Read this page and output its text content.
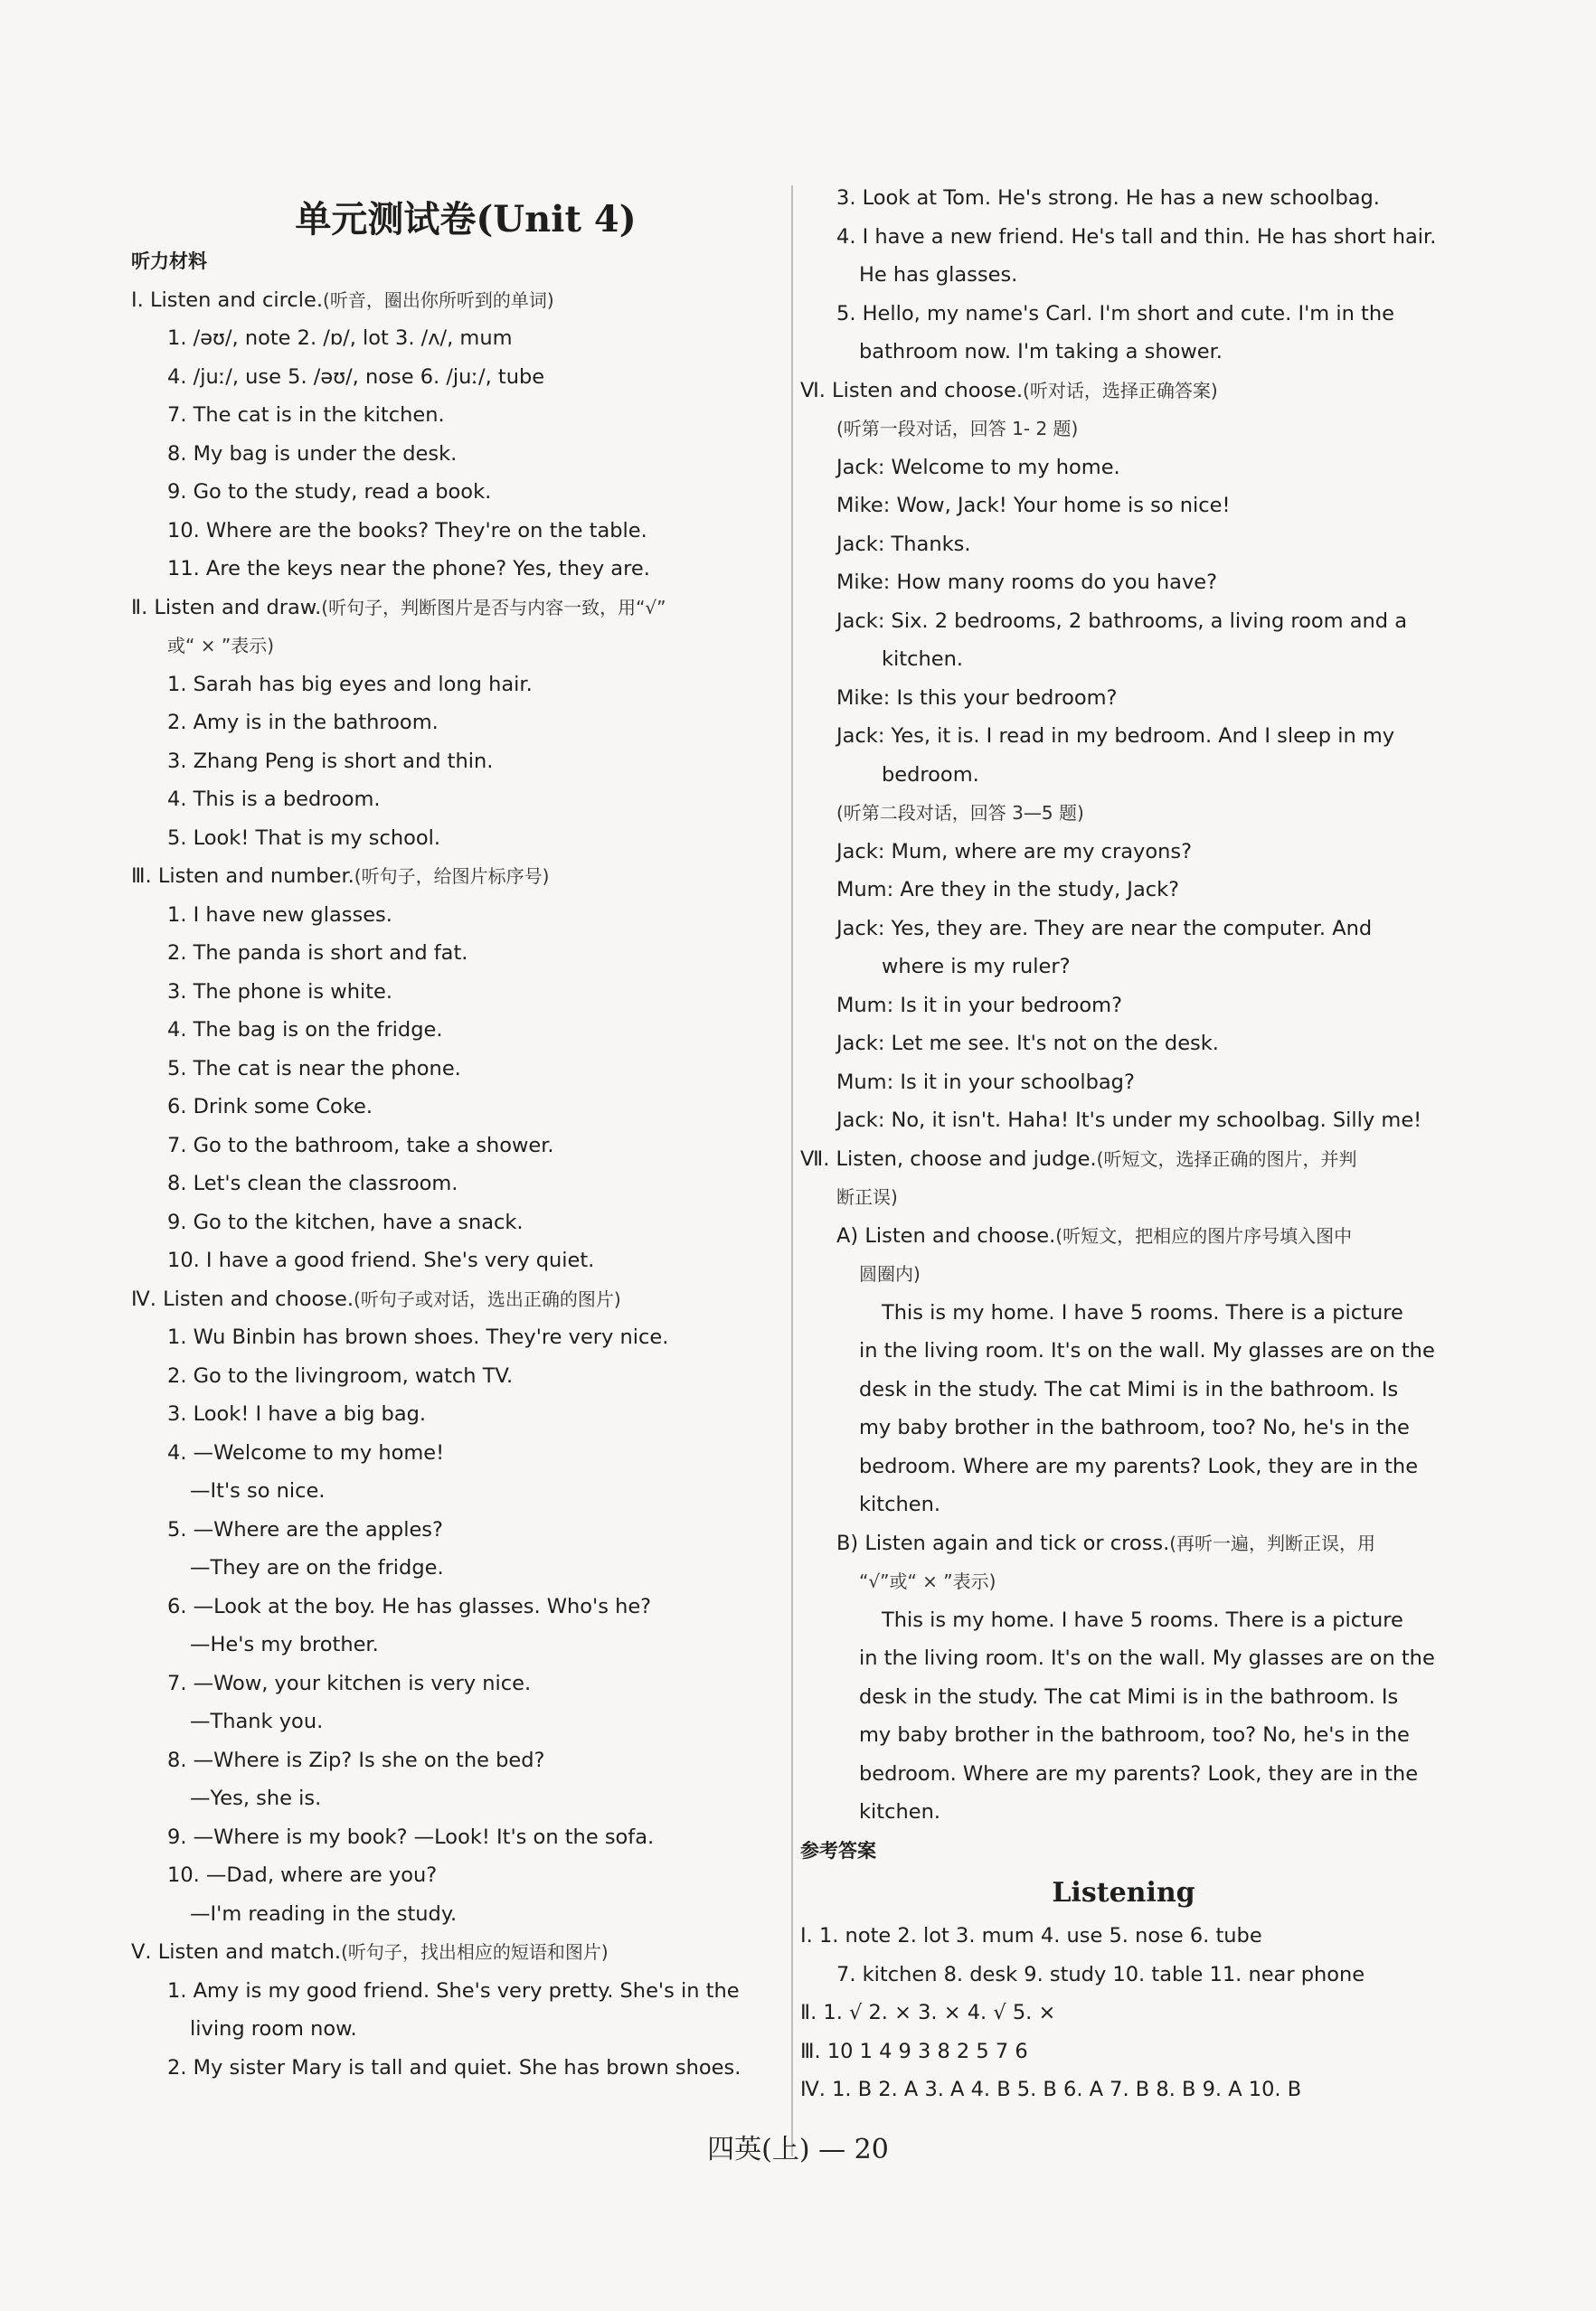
单元测试卷(Unit 4)
听力材料
Ⅰ. Listen and circle.(听音，圈出你所听到的单词)
1. /əʊ/, note 2. /ɒ/, lot 3. /ʌ/, mum
4. /juː/, use 5. /əʊ/, nose 6. /juː/, tube
7. The cat is in the kitchen.
8. My bag is under the desk.
9. Go to the study, read a book.
10. Where are the books? They're on the table.
11. Are the keys near the phone? Yes, they are.
Ⅱ. Listen and draw.(听句子，判断图片是否与内容一致，用“√”
或“ × ”表示)
1. Sarah has big eyes and long hair.
2. Amy is in the bathroom.
3. Zhang Peng is short and thin.
4. This is a bedroom.
5. Look! That is my school.
Ⅲ. Listen and number.(听句子，给图片标序号)
1. I have new glasses.
2. The panda is short and fat.
3. The phone is white.
4. The bag is on the fridge.
5. The cat is near the phone.
6. Drink some Coke.
7. Go to the bathroom, take a shower.
8. Let's clean the classroom.
9. Go to the kitchen, have a snack.
10. I have a good friend. She's very quiet.
Ⅳ. Listen and choose.(听句子或对话，选出正确的图片)
1. Wu Binbin has brown shoes. They're very nice.
2. Go to the livingroom, watch TV.
3. Look! I have a big bag.
4. —Welcome to my home!
—It's so nice.
5. —Where are the apples?
—They are on the fridge.
6. —Look at the boy. He has glasses. Who's he?
—He's my brother.
7. —Wow, your kitchen is very nice.
—Thank you.
8. —Where is Zip? Is she on the bed?
—Yes, she is.
9. —Where is my book? —Look! It's on the sofa.
10. —Dad, where are you?
—I'm reading in the study.
Ⅴ. Listen and match.(听句子，找出相应的短语和图片)
1. Amy is my good friend. She's very pretty. She's in the
living room now.
2. My sister Mary is tall and quiet. She has brown shoes.
3. Look at Tom. He's strong. He has a new schoolbag.
4. I have a new friend. He's tall and thin. He has short hair.
He has glasses.
5. Hello, my name's Carl. I'm short and cute. I'm in the
bathroom now. I'm taking a shower.
Ⅵ. Listen and choose.(听对话，选择正确答案)
(听第一段对话，回答 1- 2 题)
Jack: Welcome to my home.
Mike: Wow, Jack! Your home is so nice!
Jack: Thanks.
Mike: How many rooms do you have?
Jack: Six. 2 bedrooms, 2 bathrooms, a living room and a
kitchen.
Mike: Is this your bedroom?
Jack: Yes, it is. I read in my bedroom. And I sleep in my
bedroom.
(听第二段对话，回答 3—5 题)
Jack: Mum, where are my crayons?
Mum: Are they in the study, Jack?
Jack: Yes, they are. They are near the computer. And
where is my ruler?
Mum: Is it in your bedroom?
Jack: Let me see. It's not on the desk.
Mum: Is it in your schoolbag?
Jack: No, it isn't. Haha! It's under my schoolbag. Silly me!
Ⅶ. Listen, choose and judge.(听短文，选择正确的图片，并判
断正误)
A) Listen and choose.(听短文，把相应的图片序号填入图中
圆圈内)
This is my home. I have 5 rooms. There is a picture
in the living room. It's on the wall. My glasses are on the
desk in the study. The cat Mimi is in the bathroom. Is
my baby brother in the bathroom, too? No, he's in the
bedroom. Where are my parents? Look, they are in the
kitchen.
B) Listen again and tick or cross.(再听一遍，判断正误，用
“√”或“ × ”表示)
This is my home. I have 5 rooms. There is a picture
in the living room. It's on the wall. My glasses are on the
desk in the study. The cat Mimi is in the bathroom. Is
my baby brother in the bathroom, too? No, he's in the
bedroom. Where are my parents? Look, they are in the
kitchen.
参考答案
Listening
Ⅰ. 1. note 2. lot 3. mum 4. use 5. nose 6. tube
7. kitchen 8. desk 9. study 10. table 11. near phone
Ⅱ. 1. √ 2. × 3. × 4. √ 5. ×
Ⅲ. 10 1 4 9 3 8 2 5 7 6
Ⅳ. 1. B 2. A 3. A 4. B 5. B 6. A 7. B 8. B 9. A 10. B
四英(上) — 20
